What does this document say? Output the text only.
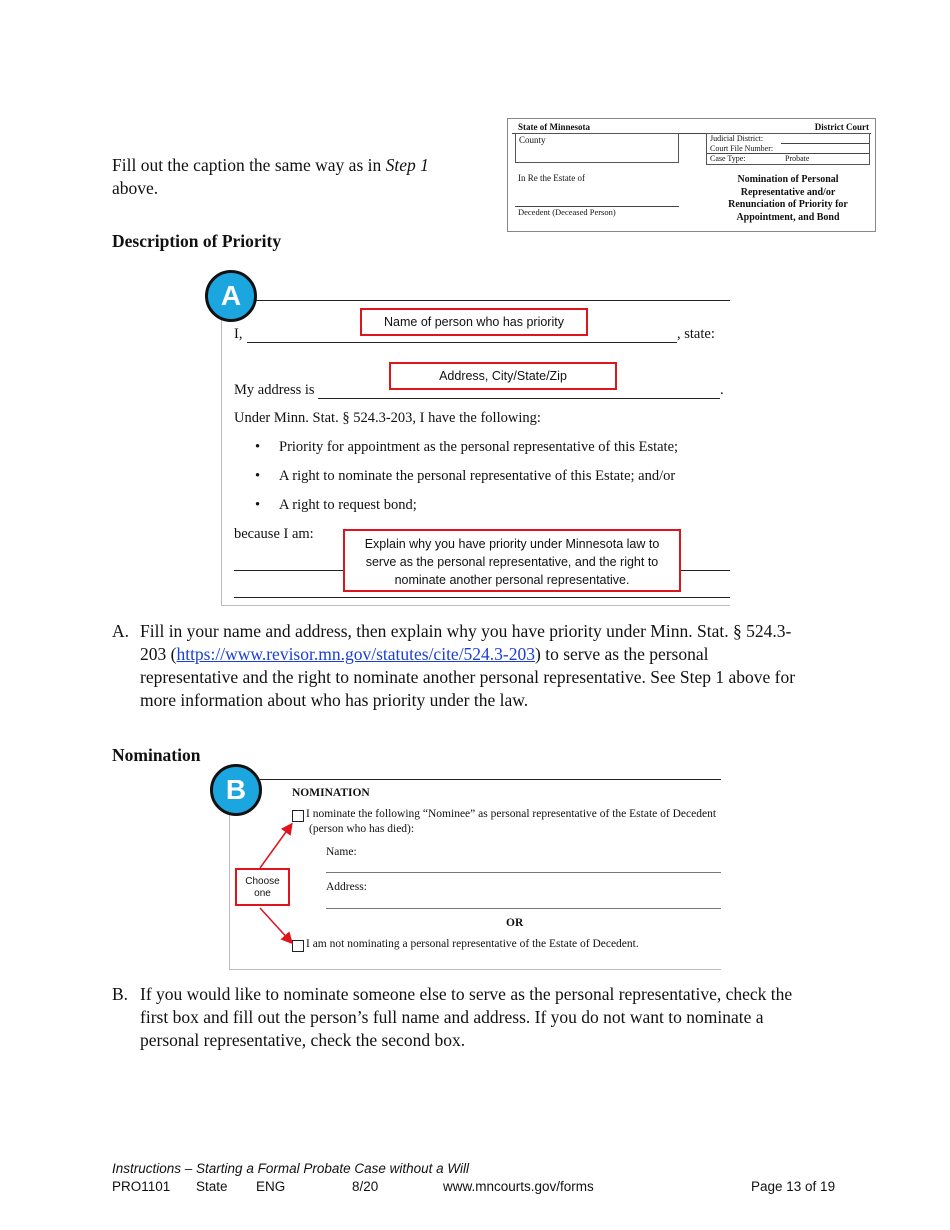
Fill out the caption the same way as in Step 1
above.
State of Minnesota	District Court
County	Judicial District:
Court File Number:
Case Type:	Probate
In Re the Estate of
Decedent (Deceased Person)
Nomination of Personal
Representative and/or
Renunciation of Priority for
Appointment, and Bond
Description of Priority
I,	, state:
Name of person who has priority
My address is	.
Address, City/State/Zip
Under Minn. Stat. § 524.3-203, I have the following:
• Priority for appointment as the personal representative of this Estate;
• A right to nominate the personal representative of this Estate; and/or
• A right to request bond;
because I am:
Explain why you have priority under Minnesota law to
serve as the personal representative, and the right to
nominate another personal representative.
A
A. Fill in your name and address, then explain why you have priority under Minn. Stat. § 524.3-
203 (https://www.revisor.mn.gov/statutes/cite/524.3-203) to serve as the personal
representative and the right to nominate another personal representative. See Step 1 above for
more information about who has priority under the law.
Nomination
NOMINATION
I nominate the following “Nominee” as personal representative of the Estate of Decedent
(person who has died):
Name:
Address:
OR
I am not nominating a personal representative of the Estate of Decedent.
B
Choose
one
B. If you would like to nominate someone else to serve as the personal representative, check the
first box and fill out the person’s full name and address. If you do not want to nominate a
personal representative, check the second box.
Instructions – Starting a Formal Probate Case without a Will
PRO1101 State ENG	8/20	www.mncourts.gov/forms	Page 13 of 19
